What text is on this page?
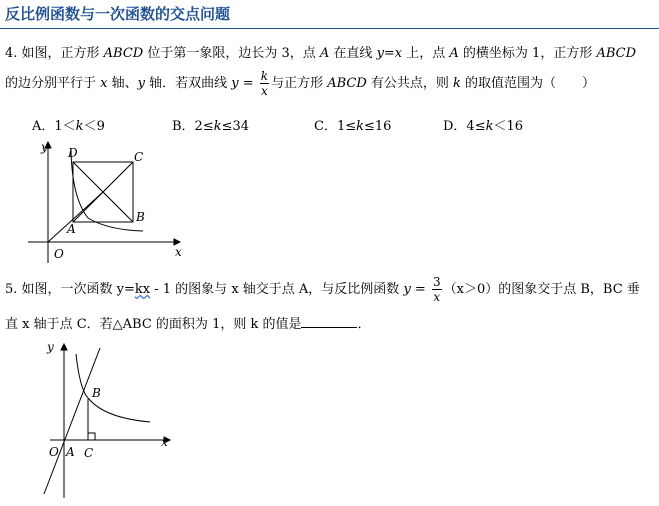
反比例函数与一次函数的交点问题
4. 如图，正方形 ABCD 位于第一象限，边长为 3，点 A 在直线 y=x 上，点 A 的横坐标为 1，正方形 ABCD
的边分别平行于 x 轴、y 轴．若双曲线 $y = \frac{k}{x}$ 与正方形 ABCD 有公共点，则 k 的取值范围为（　　）
A．1＜k＜9	B．2≤k≤34	C．1≤k≤16	D．4≤k＜16
y
x
O
A
B
C
D
5. 如图，一次函数 y=kx - 1 的图象与 x 轴交于点 A，与反比例函数 $y = \frac{3}{x} (x>0)$的图象交于点 B，BC 垂
直 x 轴于点 C．若△ABC 的面积为 1，则 k 的值是	．
y
x
O A
B
C
